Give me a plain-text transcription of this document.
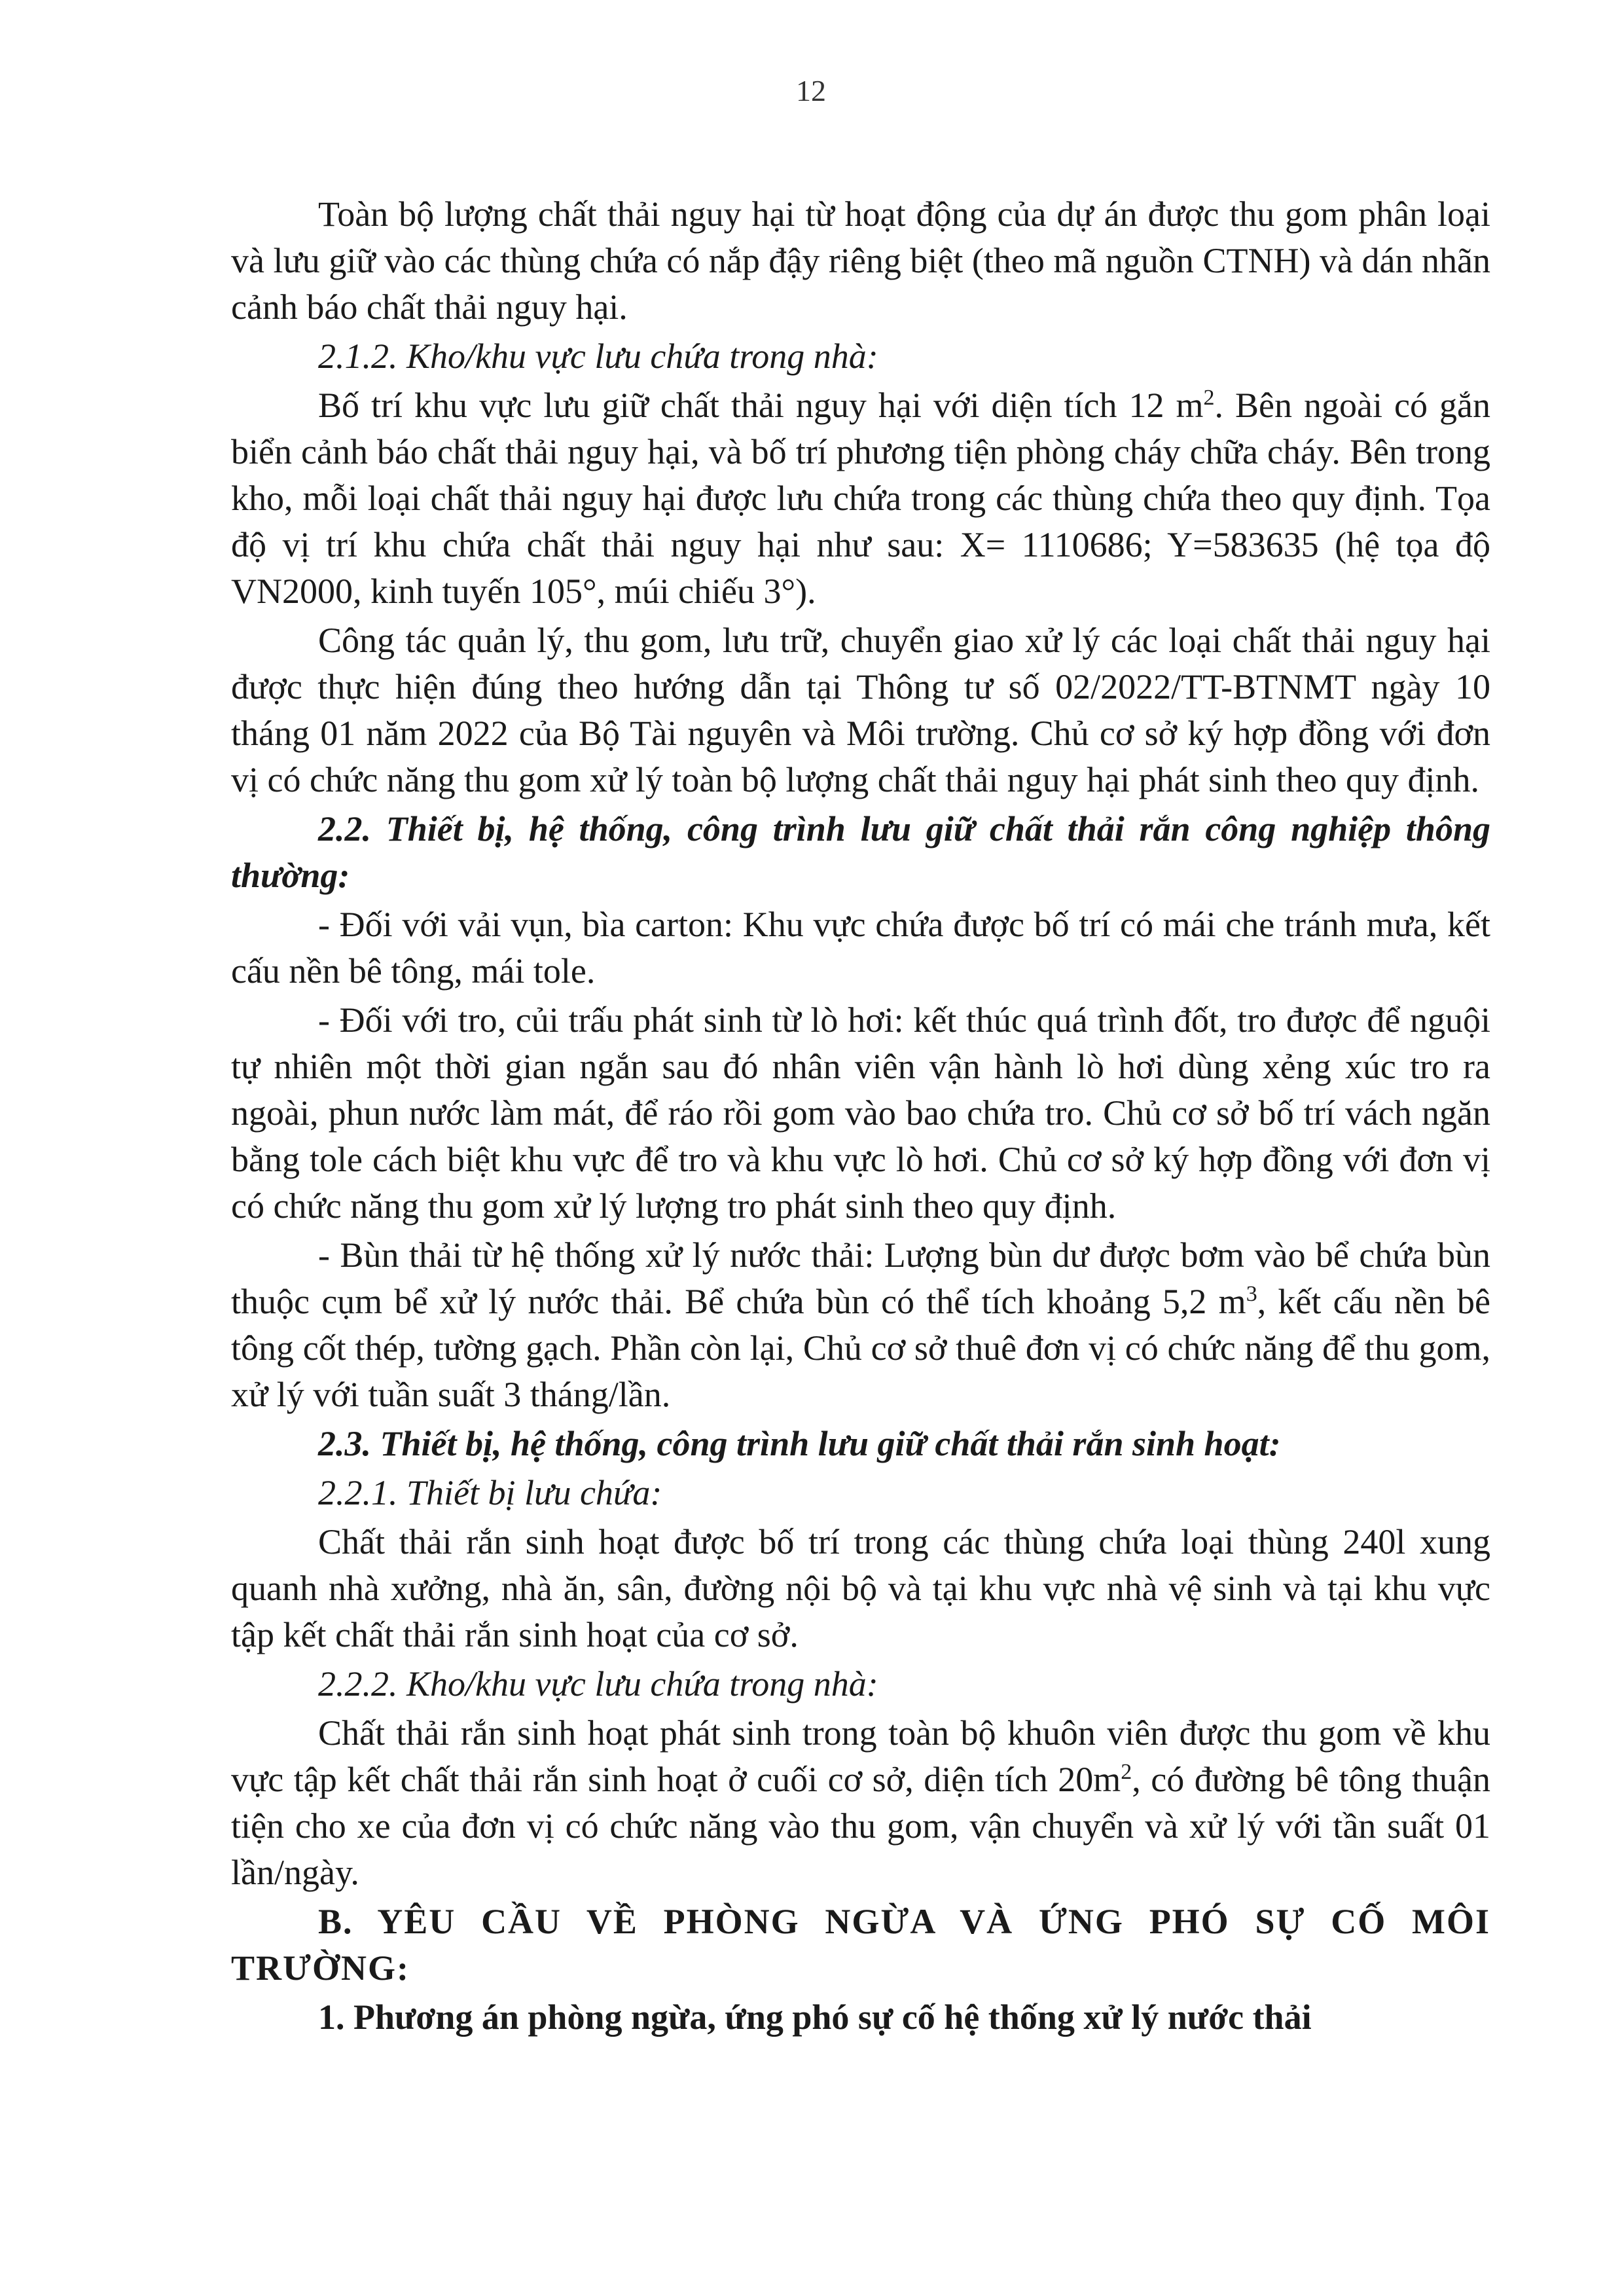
12

Toàn bộ lượng chất thải nguy hại từ hoạt động của dự án được thu gom phân loại và lưu giữ vào các thùng chứa có nắp đậy riêng biệt (theo mã nguồn CTNH) và dán nhãn cảnh báo chất thải nguy hại.

2.1.2. Kho/khu vực lưu chứa trong nhà:

Bố trí khu vực lưu giữ chất thải nguy hại với diện tích 12 $m^2$. Bên ngoài có gắn biển cảnh báo chất thải nguy hại, và bố trí phương tiện phòng cháy chữa cháy. Bên trong kho, mỗi loại chất thải nguy hại được lưu chứa trong các thùng chứa theo quy định. Tọa độ vị trí khu chứa chất thải nguy hại như sau: X= 1110686; Y=583635 (hệ tọa độ VN2000, kinh tuyến 105°, múi chiếu 3°).

Công tác quản lý, thu gom, lưu trữ, chuyển giao xử lý các loại chất thải nguy hại được thực hiện đúng theo hướng dẫn tại Thông tư số 02/2022/TT-BTNMT ngày 10 tháng 01 năm 2022 của Bộ Tài nguyên và Môi trường. Chủ cơ sở ký hợp đồng với đơn vị có chức năng thu gom xử lý toàn bộ lượng chất thải nguy hại phát sinh theo quy định.

2.2. Thiết bị, hệ thống, công trình lưu giữ chất thải rắn công nghiệp thông thường:

- Đối với vải vụn, bìa carton: Khu vực chứa được bố trí có mái che tránh mưa, kết cấu nền bê tông, mái tole.

- Đối với tro, củi trấu phát sinh từ lò hơi: kết thúc quá trình đốt, tro được để nguội tự nhiên một thời gian ngắn sau đó nhân viên vận hành lò hơi dùng xẻng xúc tro ra ngoài, phun nước làm mát, để ráo rồi gom vào bao chứa tro. Chủ cơ sở bố trí vách ngăn bằng tole cách biệt khu vực để tro và khu vực lò hơi. Chủ cơ sở ký hợp đồng với đơn vị có chức năng thu gom xử lý lượng tro phát sinh theo quy định.

- Bùn thải từ hệ thống xử lý nước thải: Lượng bùn dư được bơm vào bể chứa bùn thuộc cụm bể xử lý nước thải. Bể chứa bùn có thể tích khoảng 5,2 $m^3$, kết cấu nền bê tông cốt thép, tường gạch. Phần còn lại, Chủ cơ sở thuê đơn vị có chức năng để thu gom, xử lý với tuần suất 3 tháng/lần.

2.3. Thiết bị, hệ thống, công trình lưu giữ chất thải rắn sinh hoạt:

2.2.1. Thiết bị lưu chứa:

Chất thải rắn sinh hoạt được bố trí trong các thùng chứa loại thùng 240l xung quanh nhà xưởng, nhà ăn, sân, đường nội bộ và tại khu vực nhà vệ sinh và tại khu vực tập kết chất thải rắn sinh hoạt của cơ sở.

2.2.2. Kho/khu vực lưu chứa trong nhà:

Chất thải rắn sinh hoạt phát sinh trong toàn bộ khuôn viên được thu gom về khu vực tập kết chất thải rắn sinh hoạt ở cuối cơ sở, diện tích $20m^2$, có đường bê tông thuận tiện cho xe của đơn vị có chức năng vào thu gom, vận chuyển và xử lý với tần suất 01 lần/ngày.

B. YÊU CẦU VỀ PHÒNG NGỪA VÀ ỨNG PHÓ SỰ CỐ MÔI TRƯỜNG:

1. Phương án phòng ngừa, ứng phó sự cố hệ thống xử lý nước thải
